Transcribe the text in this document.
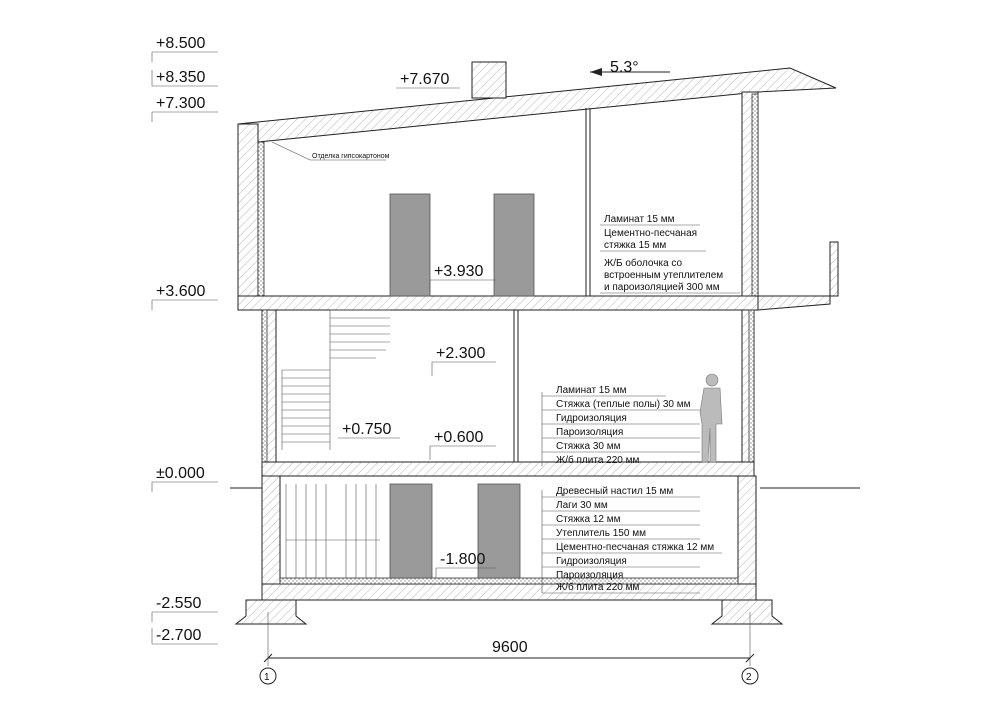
+8.500
+8.350
+7.300
+3.600
±0.000
-2.550
-2.700
+7.670
5.3°
+3.930
+2.300
+0.750	+0.600
-1.800
Отделка гипсокартоном
Ламинат 15 мм
Цементно-песчаная
стяжка 15 мм
Ж/Б оболочка со
встроенным утеплителем
и пароизоляцией 300 мм
Ламинат 15 мм
Стяжка (теплые полы) 30 мм
Гидроизоляция
Пароизоляция
Стяжка 30 мм
Ж/б плита 220 мм
Древесный настил 15 мм
Лаги 30 мм
Стяжка 12 мм
Утеплитель 150 мм
Цементно-песчаная стяжка 12 мм
Гидроизоляция
Пароизоляция
Ж/б плита 220 мм
9600
1	2
